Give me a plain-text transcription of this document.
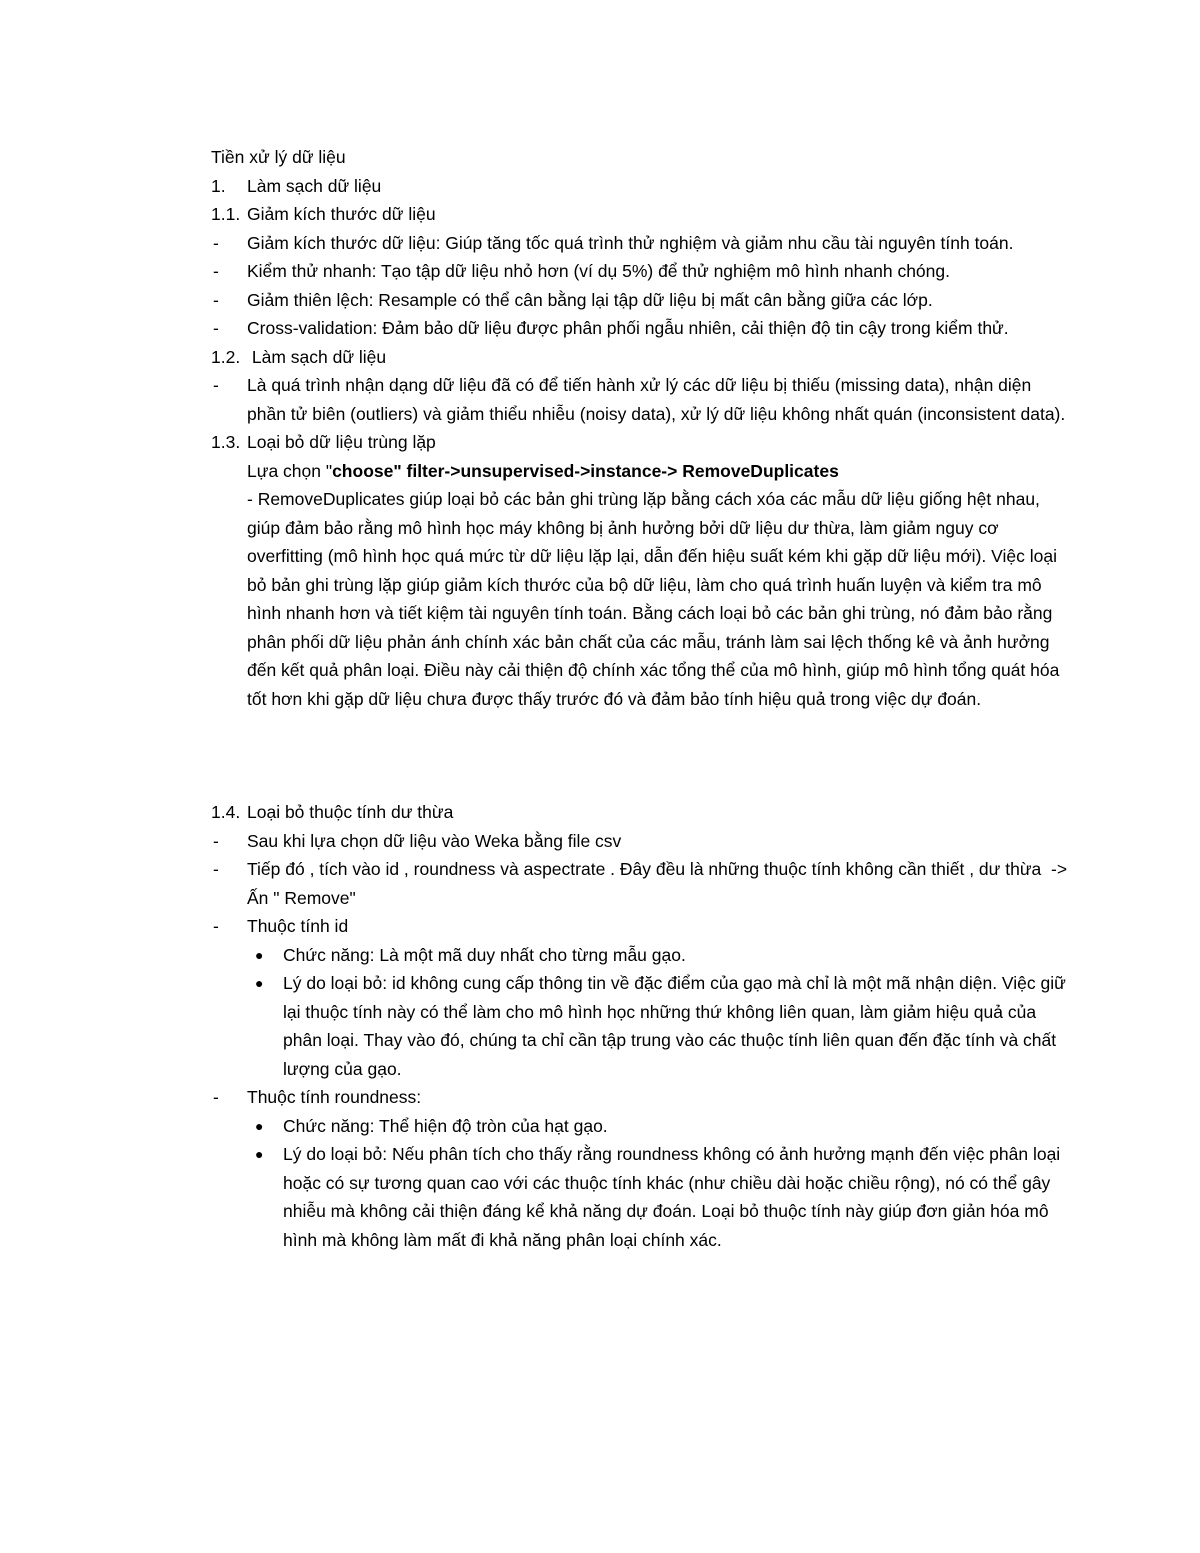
Tiền xử lý dữ liệu
1. Làm sạch dữ liệu
1.1. Giảm kích thước dữ liệu
- Giảm kích thước dữ liệu: Giúp tăng tốc quá trình thử nghiệm và giảm nhu cầu tài nguyên tính toán.
- Kiểm thử nhanh: Tạo tập dữ liệu nhỏ hơn (ví dụ 5%) để thử nghiệm mô hình nhanh chóng.
- Giảm thiên lệch: Resample có thể cân bằng lại tập dữ liệu bị mất cân bằng giữa các lớp.
- Cross-validation: Đảm bảo dữ liệu được phân phối ngẫu nhiên, cải thiện độ tin cậy trong kiểm thử.
1.2. Làm sạch dữ liệu
- Là quá trình nhận dạng dữ liệu đã có để tiến hành xử lý các dữ liệu bị thiếu (missing data), nhận diện phần tử biên (outliers) và giảm thiểu nhiễu (noisy data), xử lý dữ liệu không nhất quán (inconsistent data).
1.3. Loại bỏ dữ liệu trùng lặp
Lựa chọn "choose" filter->unsupervised->instance-> RemoveDuplicates
- RemoveDuplicates giúp loại bỏ các bản ghi trùng lặp bằng cách xóa các mẫu dữ liệu giống hệt nhau, giúp đảm bảo rằng mô hình học máy không bị ảnh hưởng bởi dữ liệu dư thừa, làm giảm nguy cơ overfitting (mô hình học quá mức từ dữ liệu lặp lại, dẫn đến hiệu suất kém khi gặp dữ liệu mới). Việc loại bỏ bản ghi trùng lặp giúp giảm kích thước của bộ dữ liệu, làm cho quá trình huấn luyện và kiểm tra mô hình nhanh hơn và tiết kiệm tài nguyên tính toán. Bằng cách loại bỏ các bản ghi trùng, nó đảm bảo rằng phân phối dữ liệu phản ánh chính xác bản chất của các mẫu, tránh làm sai lệch thống kê và ảnh hưởng đến kết quả phân loại. Điều này cải thiện độ chính xác tổng thể của mô hình, giúp mô hình tổng quát hóa tốt hơn khi gặp dữ liệu chưa được thấy trước đó và đảm bảo tính hiệu quả trong việc dự đoán.
1.4. Loại bỏ thuộc tính dư thừa
- Sau khi lựa chọn dữ liệu vào Weka bằng file csv
- Tiếp đó , tích vào id , roundness và aspectrate . Đây đều là những thuộc tính không cần thiết , dư thừa  -> Ấn " Remove"
- Thuộc tính id
● Chức năng: Là một mã duy nhất cho từng mẫu gạo.
● Lý do loại bỏ: id không cung cấp thông tin về đặc điểm của gạo mà chỉ là một mã nhận diện. Việc giữ lại thuộc tính này có thể làm cho mô hình học những thứ không liên quan, làm giảm hiệu quả của phân loại. Thay vào đó, chúng ta chỉ cần tập trung vào các thuộc tính liên quan đến đặc tính và chất lượng của gạo.
- Thuộc tính roundness:
● Chức năng: Thể hiện độ tròn của hạt gạo.
● Lý do loại bỏ: Nếu phân tích cho thấy rằng roundness không có ảnh hưởng mạnh đến việc phân loại hoặc có sự tương quan cao với các thuộc tính khác (như chiều dài hoặc chiều rộng), nó có thể gây nhiễu mà không cải thiện đáng kể khả năng dự đoán. Loại bỏ thuộc tính này giúp đơn giản hóa mô hình mà không làm mất đi khả năng phân loại chính xác.
